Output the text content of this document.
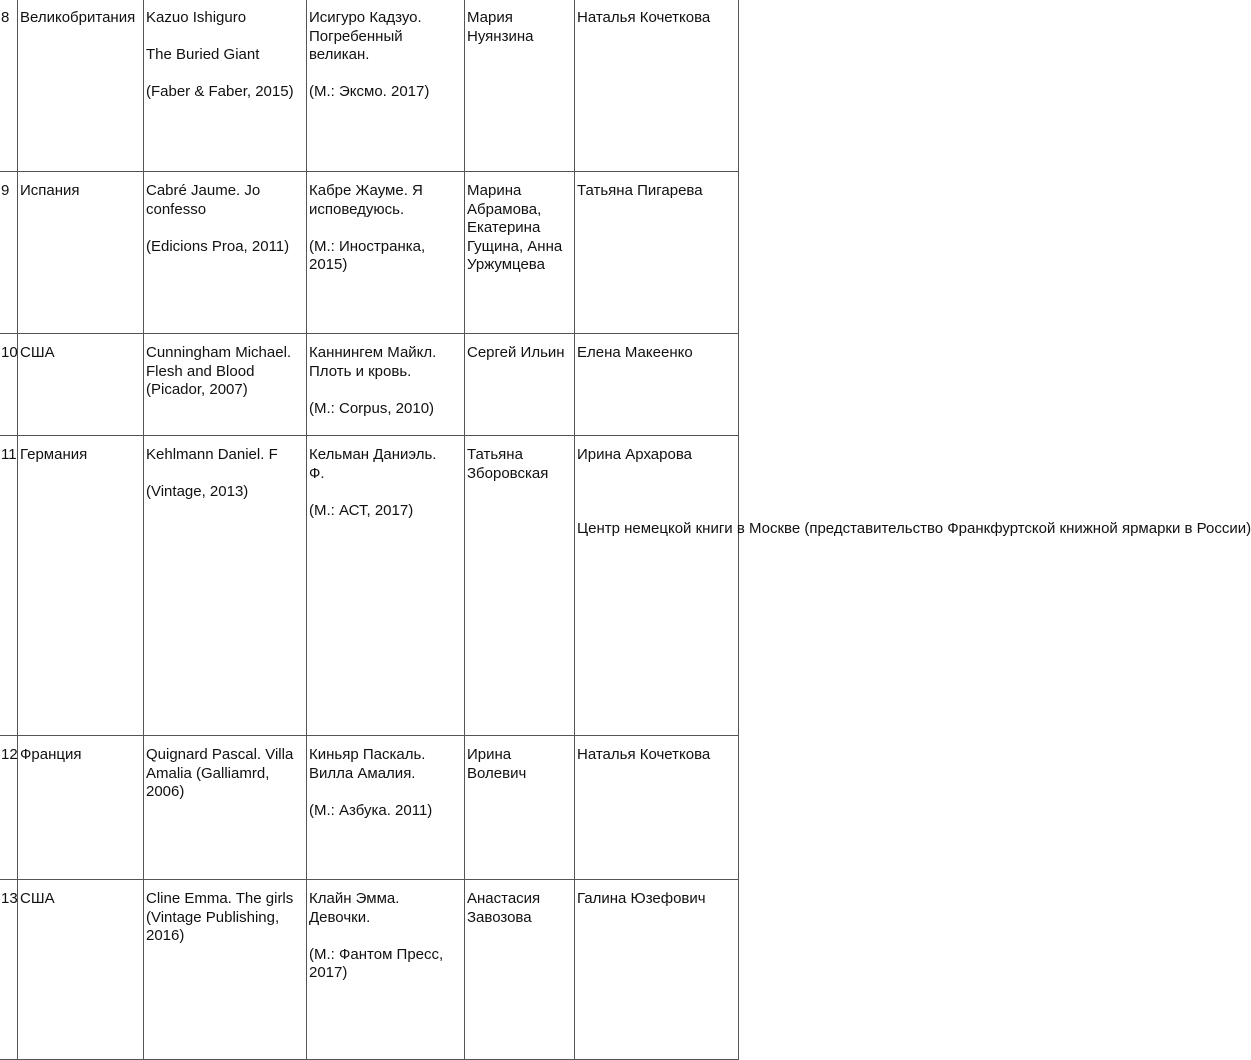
8	Великобритания	Kazuo Ishiguro
The Buried Giant
(Faber & Faber, 2015)	Исигуро Кадзуо.
Погребенный
великан.
(М.: Эксмо. 2017)	Мария
Нуянзина	Наталья Кочеткова

9	Испания	Cabré Jaume. Jo
confesso
(Edicions Proa, 2011)	Кабре Жауме. Я
исповедуюсь.
(М.: Иностранка,
2015)	Марина
Абрамова,
Екатерина
Гущина, Анна
Уржумцева	Татьяна Пигарева

10	США	Cunningham Michael.
Flesh and Blood
(Picador, 2007)	Каннингем Майкл.
Плоть и кровь.
(М.: Corpus, 2010)	Сергей Ильин	Елена Макеенко

11	Германия	Kehlmann Daniel. F
(Vintage, 2013)	Кельман Даниэль.
Ф.
(М.: АСТ, 2017)	Татьяна
Зборовская	Ирина Архарова
Центр немецкой книги в Москве (представительство Франкфуртской книжной ярмарки в России)

12	Франция	Quignard Pascal. Villa
Amalia (Galliamrd,
2006)	Киньяр Паскаль.
Вилла Амалия.
(М.: Азбука. 2011)	Ирина
Волевич	Наталья Кочеткова

13	США	Cline Emma. The girls
(Vintage Publishing,
2016)	Клайн Эмма.
Девочки.
(М.: Фантом Пресс,
2017)	Анастасия
Завозова	Галина Юзефович
